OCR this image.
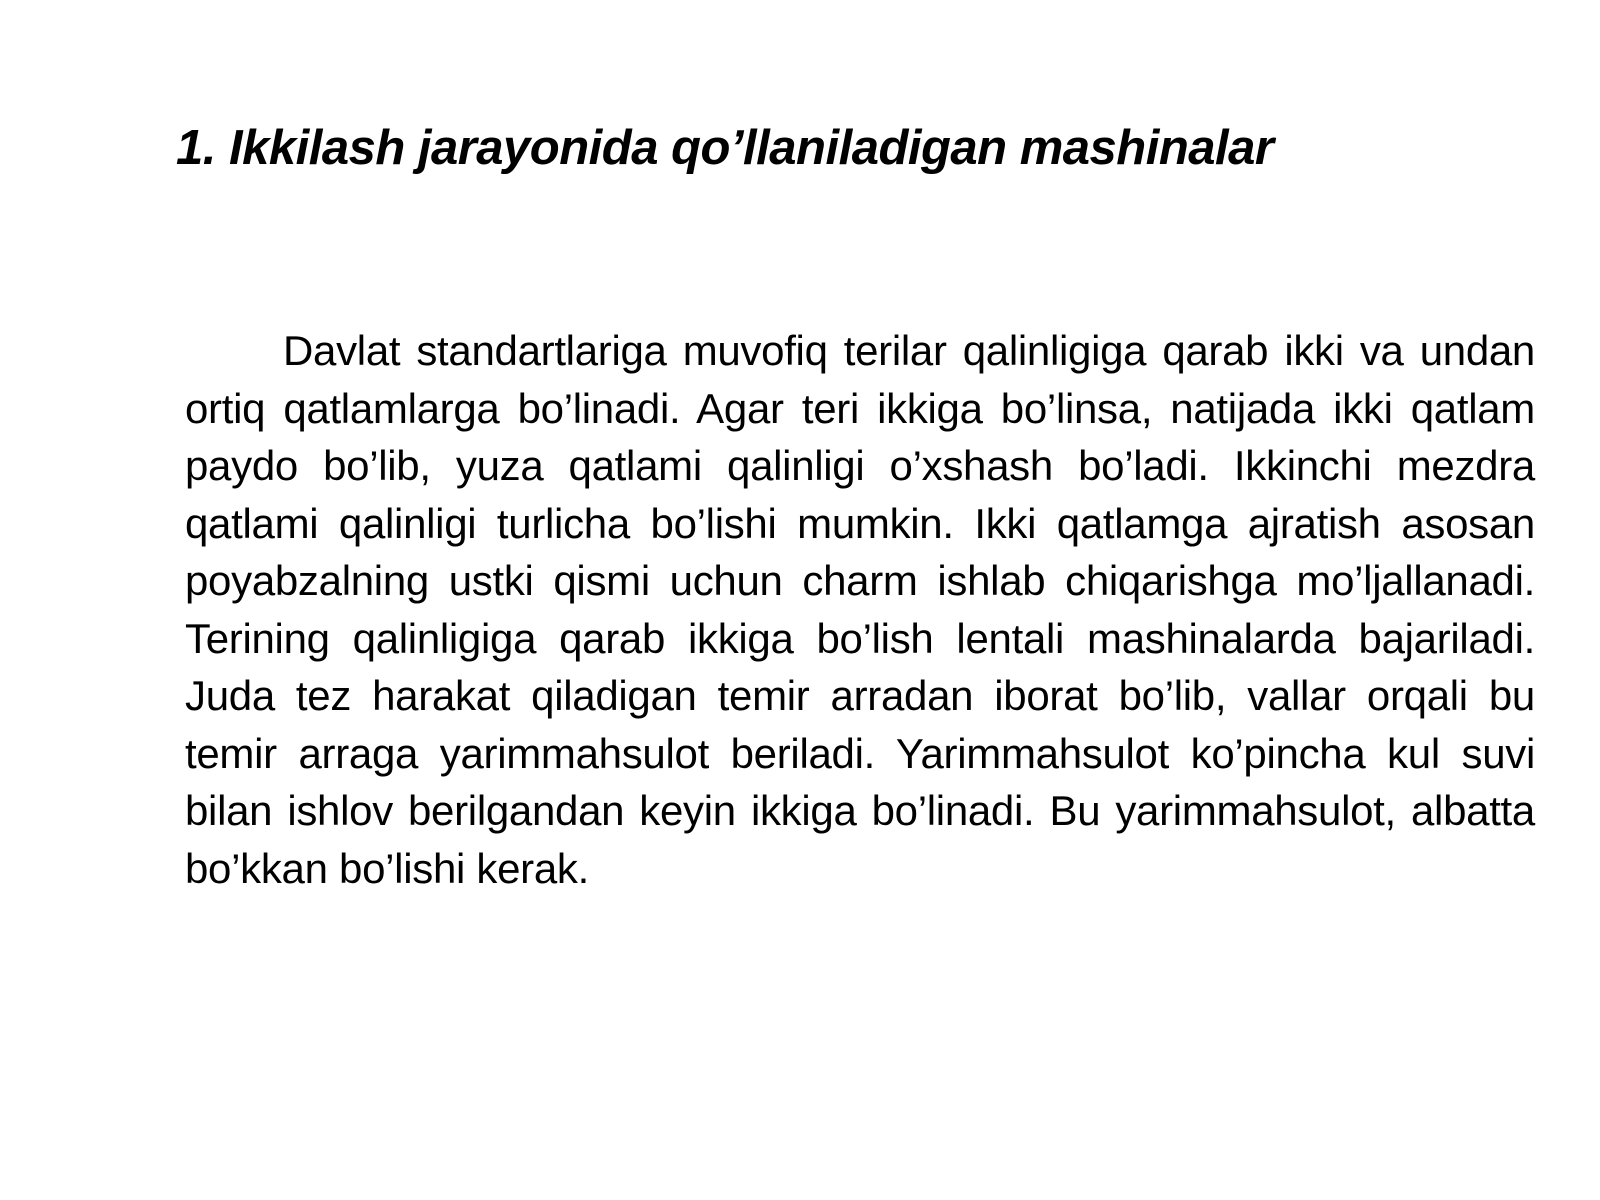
1. Ikkilash jarayonida qo’llaniladigan mashinalar

Davlat standartlariga muvofiq terilar qalinligiga qarab ikki va undan ortiq qatlamlarga bo’linadi. Agar teri ikkiga bo’linsa, natijada ikki qatlam paydo bo’lib, yuza qatlami qalinligi o’xshash bo’ladi. Ikkinchi mezdra qatlami qalinligi turlicha bo’lishi mumkin. Ikki qatlamga ajratish asosan poyabzalning ustki qismi uchun charm ishlab chiqarishga mo’ljallanadi. Terining qalinligiga qarab ikkiga bo’lish lentali mashinalarda bajariladi. Juda tez harakat qiladigan temir arradan iborat bo’lib, vallar orqali bu temir arraga yarimmahsulot beriladi. Yarimmahsulot ko’pincha kul suvi bilan ishlov berilgandan keyin ikkiga bo’linadi. Bu yarimmahsulot, albatta bo’kkan bo’lishi kerak.
